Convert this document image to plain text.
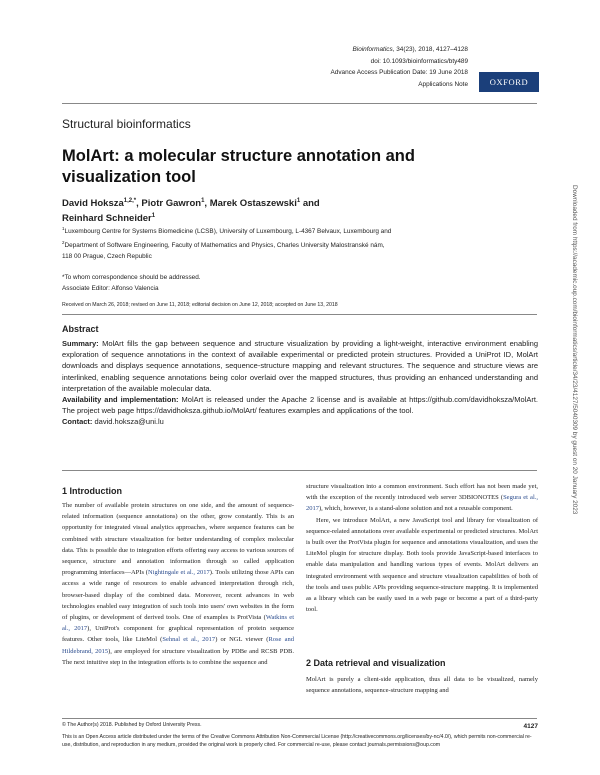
Bioinformatics, 34(23), 2018, 4127–4128
doi: 10.1093/bioinformatics/bty489
Advance Access Publication Date: 19 June 2018
Applications Note	OXFORD
Structural bioinformatics
MolArt: a molecular structure annotation and visualization tool
David Hoksza$^{1,2,*}$, Piotr Gawron$^1$, Marek Ostaszewski$^1$ and
Reinhard Schneider$^1$
$^1$Luxembourg Centre for Systems Biomedicine (LCSB), University of Luxembourg, L-4367 Belvaux, Luxembourg and
$^2$Department of Software Engineering, Faculty of Mathematics and Physics, Charles University Malostranské nám,
118 00 Prague, Czech Republic
*To whom correspondence should be addressed.
Associate Editor: Alfonso Valencia
Received on March 26, 2018; revised on June 11, 2018; editorial decision on June 12, 2018; accepted on June 13, 2018
Abstract
Summary: MolArt fills the gap between sequence and structure visualization by providing a light-weight, interactive environment enabling exploration of sequence annotations in the context of available experimental or predicted protein structures. Provided a UniProt ID, MolArt downloads and displays sequence annotations, sequence-structure mapping and relevant structures. The sequence and structure views are interlinked, enabling sequence annotations being color overlaid over the mapped structures, thus providing an enhanced understanding and interpretation of the available molecular data.
Availability and implementation: MolArt is released under the Apache 2 license and is available at https://github.com/davidhoksza/MolArt. The project web page https://davidhoksza.github.io/MolArt/ features examples and applications of the tool.
Contact: david.hoksza@uni.lu
1 Introduction
The number of available protein structures on one side, and the amount of sequence-related information (sequence annotations) on the other, grow constantly. This is an opportunity for integrated visual analytics approaches, where sequence features can be combined with structure visualization for better understanding of complex molecular data. This is possible due to integration efforts offering easy access to various sources of sequence, structure and annotation information through so called application programming interfaces—APIs (Nightingale et al., 2017). Tools utilizing those APIs can access a wide range of resources to enable advanced interpretation through rich, browser-based display of the combined data. Moreover, recent advances in web technologies enabled easy integration of such tools into users' own websites in the form of plugins, or development of derived tools. One of examples is ProtVista (Watkins et al., 2017), UniProt's component for graphical representation of protein sequence features. Other tools, like LiteMol (Sehnal et al., 2017) or NGL viewer (Rose and Hildebrand, 2015), are employed for structure visualization by PDBe and RCSB PDB. The next intuitive step in the integration efforts is to combine the sequence and
structure visualization into a common environment. Such effort has not been made yet, with the exception of the recently introduced web server 3DBIONOTES (Segura et al., 2017), which, however, is a stand-alone solution and not a reusable component.
Here, we introduce MolArt, a new JavaScript tool and library for visualization of sequence-related annotations over available experimental or predicted structures. MolArt is built over the ProtVista plugin for sequence and annotations visualization, and uses the LiteMol plugin for structure display. Both tools provide JavaScript-based interfaces to enable data manipulation and handling various types of events. MolArt delivers an integrated environment with sequence and structure visualization capabilities of both of the tools and uses public APIs providing sequence-structure mapping. It is implemented as a library which can be easily used in a web page or become a part of a third-party tool.
2 Data retrieval and visualization
MolArt is purely a client-side application, thus all data to be visualized, namely sequence annotations, sequence-structure mapping and
Downloaded from https://academic.oup.com/bioinformatics/article/34/23/4127/5040309 by guest on 20 January 2023
4127
© The Author(s) 2018. Published by Oxford University Press.
This is an Open Access article distributed under the terms of the Creative Commons Attribution Non-Commercial License (http://creativecommons.org/licenses/by-nc/4.0/), which permits non-commercial re-use, distribution, and reproduction in any medium, provided the original work is properly cited. For commercial re-use, please contact journals.permissions@oup.com
